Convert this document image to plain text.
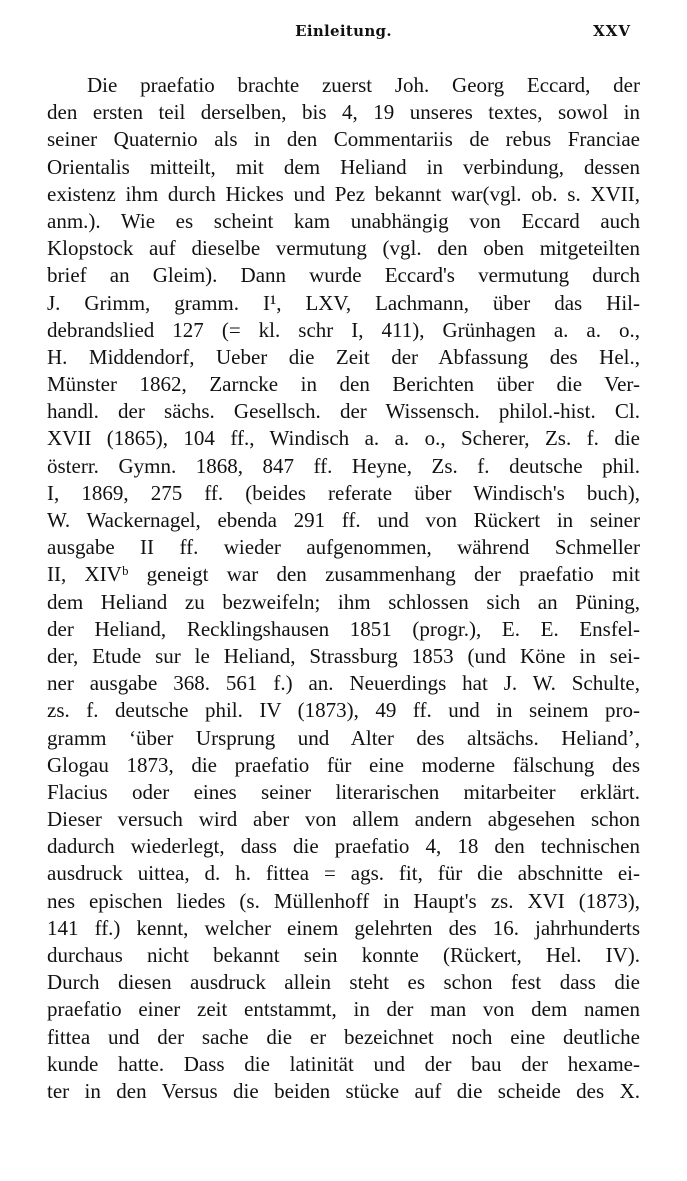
Einleitung.	XXV
Die praefatio brachte zuerst Joh. Georg Eccard, der
den ersten teil derselben, bis 4, 19 unseres textes, sowol in
seiner Quaternio als in den Commentariis de rebus Franciae
Orientalis mitteilt, mit dem Heliand in verbindung, dessen
existenz ihm durch Hickes und Pez bekannt war(vgl. ob. s. XVII,
anm.). Wie es scheint kam unabhängig von Eccard auch
Klopstock auf dieselbe vermutung (vgl. den oben mitgeteilten
brief an Gleim). Dann wurde Eccard's vermutung durch
J. Grimm, gramm. I¹, LXV, Lachmann, über das Hil-
debrandslied 127 (= kl. schr I, 411), Grünhagen a. a. o.,
H. Middendorf, Ueber die Zeit der Abfassung des Hel.,
Münster 1862, Zarncke in den Berichten über die Ver-
handl. der sächs. Gesellsch. der Wissensch. philol.-hist. Cl.
XVII (1865), 104 ff., Windisch a. a. o., Scherer, Zs. f. die
österr. Gymn. 1868, 847 ff. Heyne, Zs. f. deutsche phil.
I, 1869, 275 ff. (beides referate über Windisch's buch),
W. Wackernagel, ebenda 291 ff. und von Rückert in seiner
ausgabe II ff. wieder aufgenommen, während Schmeller
II, XIVᵇ geneigt war den zusammenhang der praefatio mit
dem Heliand zu bezweifeln; ihm schlossen sich an Püning,
der Heliand, Recklingshausen 1851 (progr.), E. E. Ensfel-
der, Etude sur le Heliand, Strassburg 1853 (und Köne in sei-
ner ausgabe 368. 561 f.) an. Neuerdings hat J. W. Schulte,
zs. f. deutsche phil. IV (1873), 49 ff. und in seinem pro-
gramm ‘über Ursprung und Alter des altsächs. Heliand’,
Glogau 1873, die praefatio für eine moderne fälschung des
Flacius oder eines seiner literarischen mitarbeiter erklärt.
Dieser versuch wird aber von allem andern abgesehen schon
dadurch wiederlegt, dass die praefatio 4, 18 den technischen
ausdruck uittea, d. h. fittea = ags. fit, für die abschnitte ei-
nes epischen liedes (s. Müllenhoff in Haupt's zs. XVI (1873),
141 ff.) kennt, welcher einem gelehrten des 16. jahrhunderts
durchaus nicht bekannt sein konnte (Rückert, Hel. IV).
Durch diesen ausdruck allein steht es schon fest dass die
praefatio einer zeit entstammt, in der man von dem namen
fittea und der sache die er bezeichnet noch eine deutliche
kunde hatte. Dass die latinität und der bau der hexame-
ter in den Versus die beiden stücke auf die scheide des X.
